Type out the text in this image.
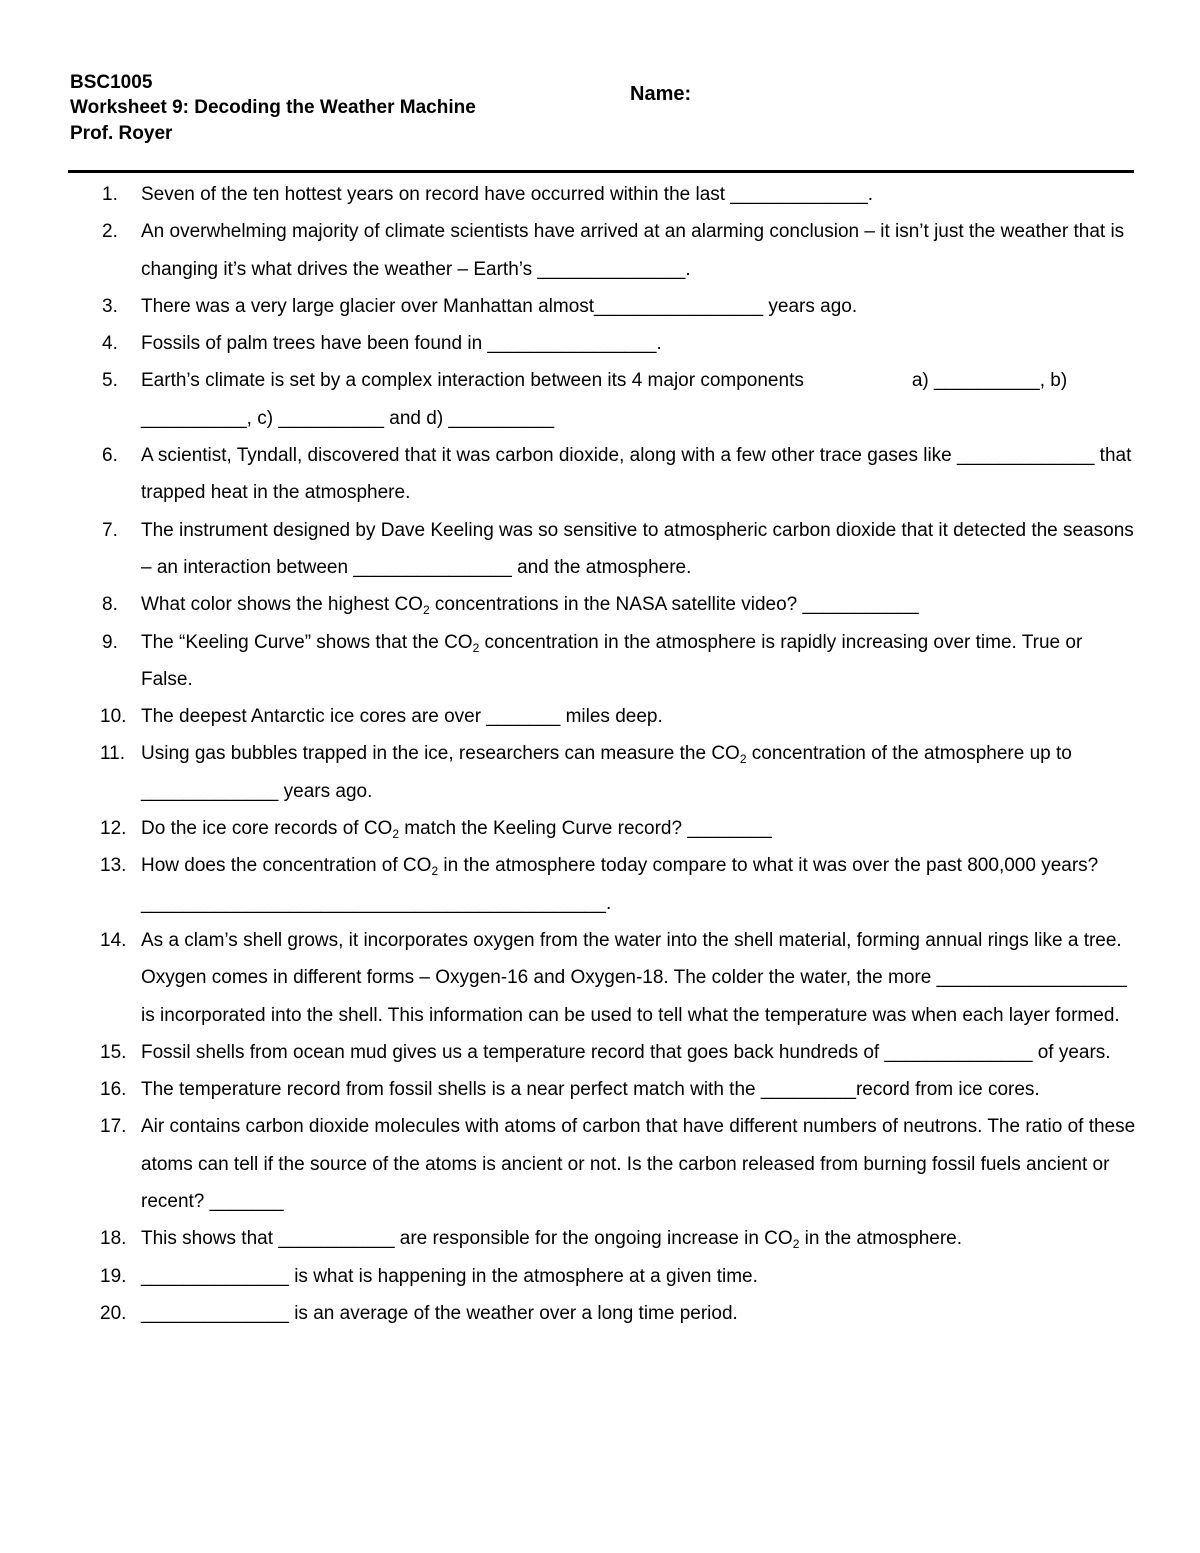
BSC1005

Worksheet 9: Decoding the Weather Machine

Prof. Royer

Name:

Seven of the ten hottest years on record have occurred within the last _____________.
An overwhelming majority of climate scientists have arrived at an alarming conclusion – it isn’t just the weather that is changing it’s what drives the weather – Earth’s ______________.
There was a very large glacier over Manhattan almost________________ years ago.
Fossils of palm trees have been found in ________________.
Earth’s climate is set by a complex interaction between its 4 major components	a) __________, b) __________, c) __________ and d) __________
A scientist, Tyndall, discovered that it was carbon dioxide, along with a few other trace gases like _____________ that trapped heat in the atmosphere.
The instrument designed by Dave Keeling was so sensitive to atmospheric carbon dioxide that it detected the seasons – an interaction between _______________ and the atmosphere.
What color shows the highest $CO_2$ concentrations in the NASA satellite video? ___________
The “Keeling Curve” shows that the $CO_2$ concentration in the atmosphere is rapidly increasing over time. True or False.
The deepest Antarctic ice cores are over _______ miles deep.
Using gas bubbles trapped in the ice, researchers can measure the $CO_2$ concentration of the atmosphere up to _____________ years ago.
Do the ice core records of $CO_2$ match the Keeling Curve record? ________
How does the concentration of $CO_2$ in the atmosphere today compare to what it was over the past 800,000 years? ____________________________________________.
As a clam’s shell grows, it incorporates oxygen from the water into the shell material, forming annual rings like a tree. Oxygen comes in different forms – Oxygen-16 and Oxygen-18. The colder the water, the more __________________ is incorporated into the shell. This information can be used to tell what the temperature was when each layer formed.
Fossil shells from ocean mud gives us a temperature record that goes back hundreds of ______________ of years.
The temperature record from fossil shells is a near perfect match with the _________record from ice cores.
Air contains carbon dioxide molecules with atoms of carbon that have different numbers of neutrons. The ratio of these atoms can tell if the source of the atoms is ancient or not. Is the carbon released from burning fossil fuels ancient or recent? _______
This shows that ___________ are responsible for the ongoing increase in $CO_2$ in the atmosphere.
______________ is what is happening in the atmosphere at a given time.
______________ is an average of the weather over a long time period.
